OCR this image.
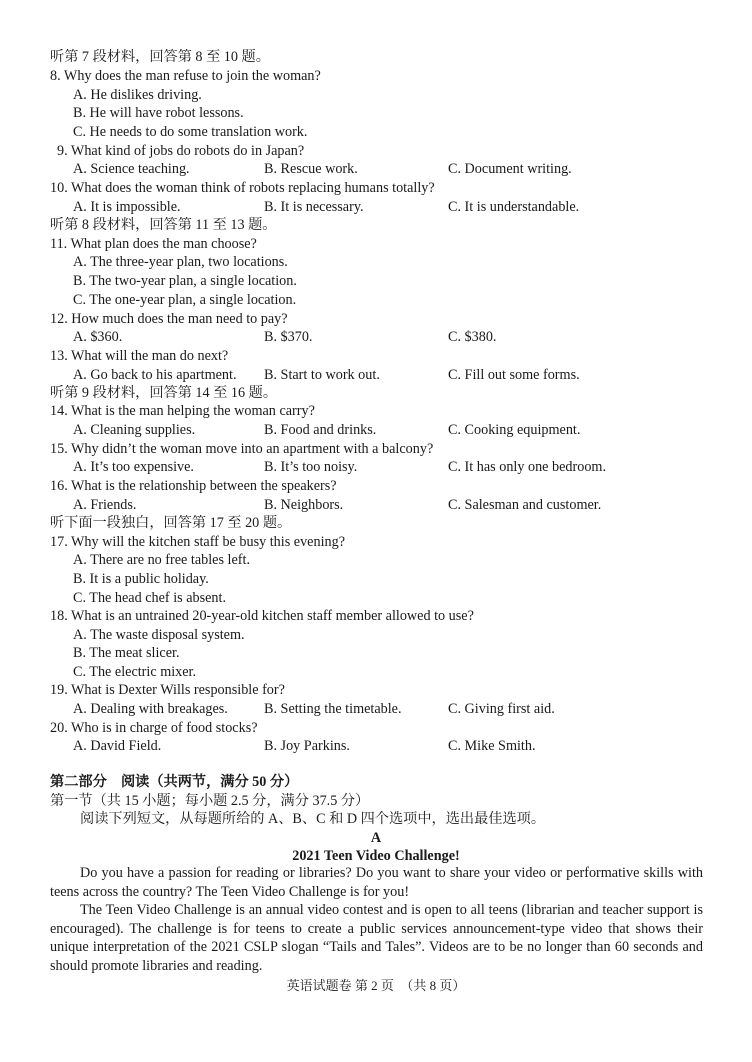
听第 7 段材料，回答第 8 至 10 题。
8. Why does the man refuse to join the woman?
A. He dislikes driving.
B. He will have robot lessons.
C. He needs to do some translation work.
9. What kind of jobs do robots do in Japan?
A. Science teaching.	B. Rescue work.	C. Document writing.
10. What does the woman think of robots replacing humans totally?
A. It is impossible.	B. It is necessary.	C. It is understandable.
听第 8 段材料，回答第 11 至 13 题。
11. What plan does the man choose?
A. The three-year plan, two locations.
B. The two-year plan, a single location.
C. The one-year plan, a single location.
12. How much does the man need to pay?
A. $360.	B. $370.	C. $380.
13. What will the man do next?
A. Go back to his apartment. B. Start to work out.	C. Fill out some forms.
听第 9 段材料，回答第 14 至 16 题。
14. What is the man helping the woman carry?
A. Cleaning supplies.	B. Food and drinks.	C. Cooking equipment.
15. Why didn’t the woman move into an apartment with a balcony?
A. It’s too expensive.	B. It’s too noisy.	C. It has only one bedroom.
16. What is the relationship between the speakers?
A. Friends.	B. Neighbors.	C. Salesman and customer.
听下面一段独白，回答第 17 至 20 题。
17. Why will the kitchen staff be busy this evening?
A. There are no free tables left.
B. It is a public holiday.
C. The head chef is absent.
18. What is an untrained 20-year-old kitchen staff member allowed to use?
A. The waste disposal system.
B. The meat slicer.
C. The electric mixer.
19. What is Dexter Wills responsible for?
A. Dealing with breakages.	B. Setting the timetable.	C. Giving first aid.
20. Who is in charge of food stocks?
A. David Field.	B. Joy Parkins.	C. Mike Smith.
第二部分　阅读（共两节，满分 50 分）
第一节（共 15 小题；每小题 2.5 分，满分 37.5 分）
阅读下列短文，从每题所给的 A、B、C 和 D 四个选项中，选出最佳选项。
A
2021 Teen Video Challenge!
Do you have a passion for reading or libraries? Do you want to share your video or performative skills with teens across the country? The Teen Video Challenge is for you!
The Teen Video Challenge is an annual video contest and is open to all teens (librarian and teacher support is encouraged). The challenge is for teens to create a public services announcement-type video that shows their unique interpretation of the 2021 CSLP slogan “Tails and Tales”. Videos are to be no longer than 60 seconds and should promote libraries and reading.
英语试题卷 第 2 页　（共 8 页）
